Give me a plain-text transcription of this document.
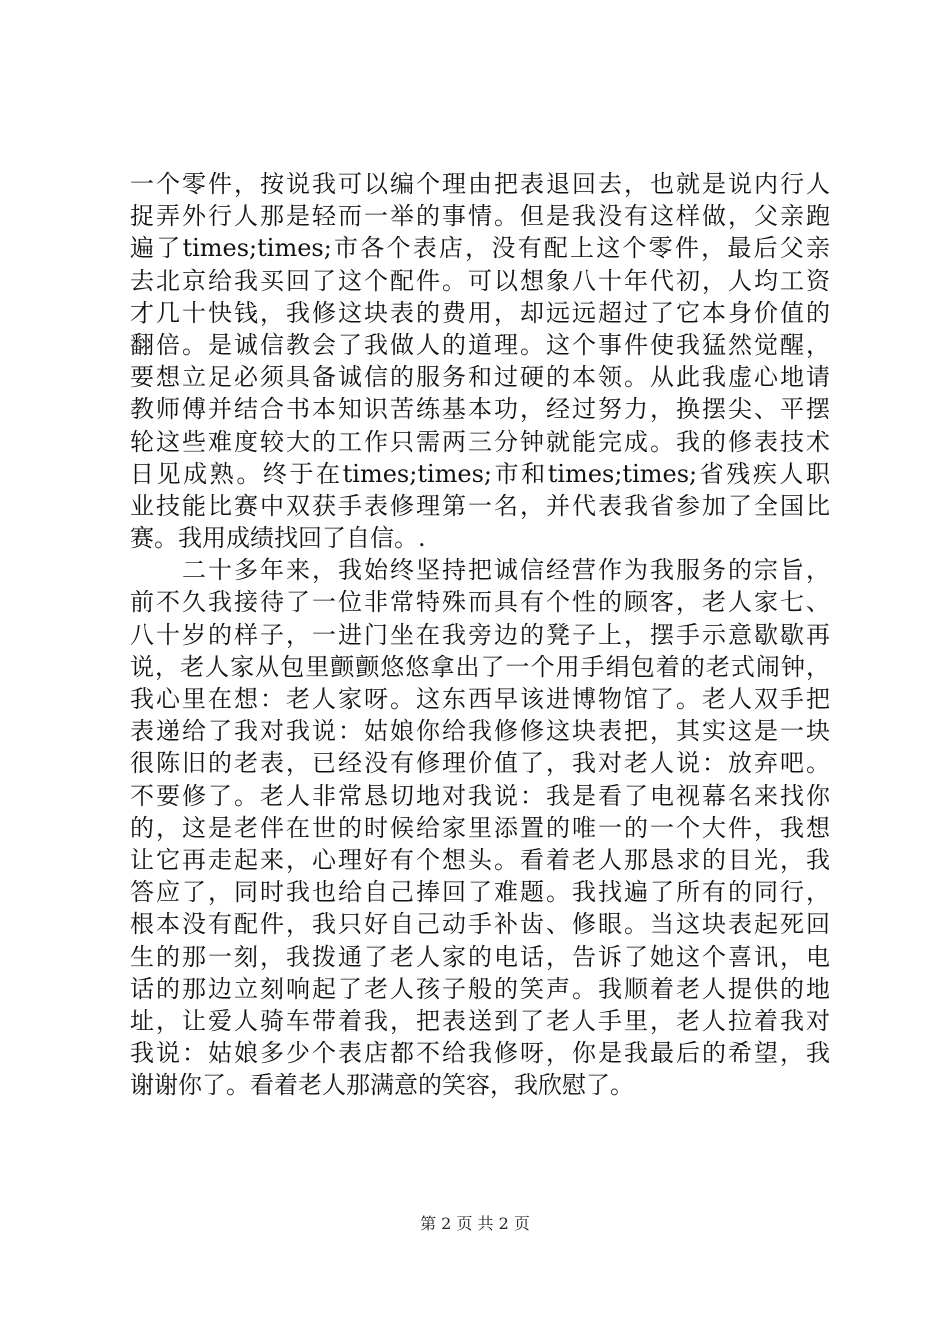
一个零件，按说我可以编个理由把表退回去，也就是说内行人
捉弄外行人那是轻而一举的事情。但是我没有这样做，父亲跑
遍了times;times;市各个表店，没有配上这个零件，最后父亲
去北京给我买回了这个配件。可以想象八十年代初，人均工资
才几十快钱，我修这块表的费用，却远远超过了它本身价值的
翻倍。是诚信教会了我做人的道理。这个事件使我猛然觉醒，
要想立足必须具备诚信的服务和过硬的本领。从此我虚心地请
教师傅并结合书本知识苦练基本功，经过努力，换摆尖、平摆
轮这些难度较大的工作只需两三分钟就能完成。我的修表技术
日见成熟。终于在times;times;市和times;times;省残疾人职
业技能比赛中双获手表修理第一名，并代表我省参加了全国比
赛。我用成绩找回了自信。.
　　二十多年来，我始终坚持把诚信经营作为我服务的宗旨，
前不久我接待了一位非常特殊而具有个性的顾客，老人家七、
八十岁的样子，一进门坐在我旁边的凳子上，摆手示意歇歇再
说，老人家从包里颤颤悠悠拿出了一个用手绢包着的老式闹钟，
我心里在想：老人家呀。这东西早该进博物馆了。老人双手把
表递给了我对我说：姑娘你给我修修这块表把，其实这是一块
很陈旧的老表，已经没有修理价值了，我对老人说：放弃吧。
不要修了。老人非常恳切地对我说：我是看了电视幕名来找你
的，这是老伴在世的时候给家里添置的唯一的一个大件，我想
让它再走起来，心理好有个想头。看着老人那恳求的目光，我
答应了，同时我也给自己捧回了难题。我找遍了所有的同行，
根本没有配件，我只好自己动手补齿、修眼。当这块表起死回
生的那一刻，我拨通了老人家的电话，告诉了她这个喜讯，电
话的那边立刻响起了老人孩子般的笑声。我顺着老人提供的地
址，让爱人骑车带着我，把表送到了老人手里，老人拉着我对
我说：姑娘多少个表店都不给我修呀，你是我最后的希望，我
谢谢你了。看着老人那满意的笑容，我欣慰了。
第 2 页 共 2 页
